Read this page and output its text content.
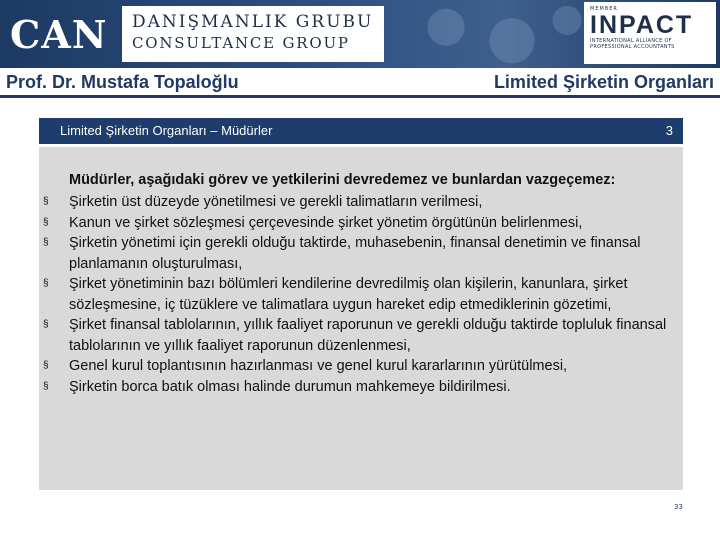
CAN DANIŞMANLIK GRUBU
CONSULTANCE GROUP
MEMBER
INPACT
INTERNATIONAL ALLIANCE OF
PROFESSIONAL ACCOUNTANTS
Prof. Dr. Mustafa Topaloğlu	Limited Şirketin Organları
Limited Şirketin Organları – Müdürler	3
Müdürler, aşağıdaki görev ve yetkilerini devredemez ve bunlardan vazgeçemez:
§ Şirketin üst düzeyde yönetilmesi ve gerekli talimatların verilmesi,
§ Kanun ve şirket sözleşmesi çerçevesinde şirket yönetim örgütünün belirlenmesi,
§ Şirketin yönetimi için gerekli olduğu taktirde, muhasebenin, finansal denetimin ve finansal planlamanın oluşturulması,
§ Şirket yönetiminin bazı bölümleri kendilerine devredilmiş olan kişilerin, kanunlara, şirket sözleşmesine, iç tüzüklere ve talimatlara uygun hareket edip etmediklerinin gözetimi,
§ Şirket finansal tablolarının, yıllık faaliyet raporunun ve gerekli olduğu taktirde topluluk finansal tablolarının ve yıllık faaliyet raporunun düzenlenmesi,
§ Genel kurul toplantısının hazırlanması ve genel kurul kararlarının yürütülmesi,
§ Şirketin borca batık olması halinde durumun mahkemeye bildirilmesi.
33
